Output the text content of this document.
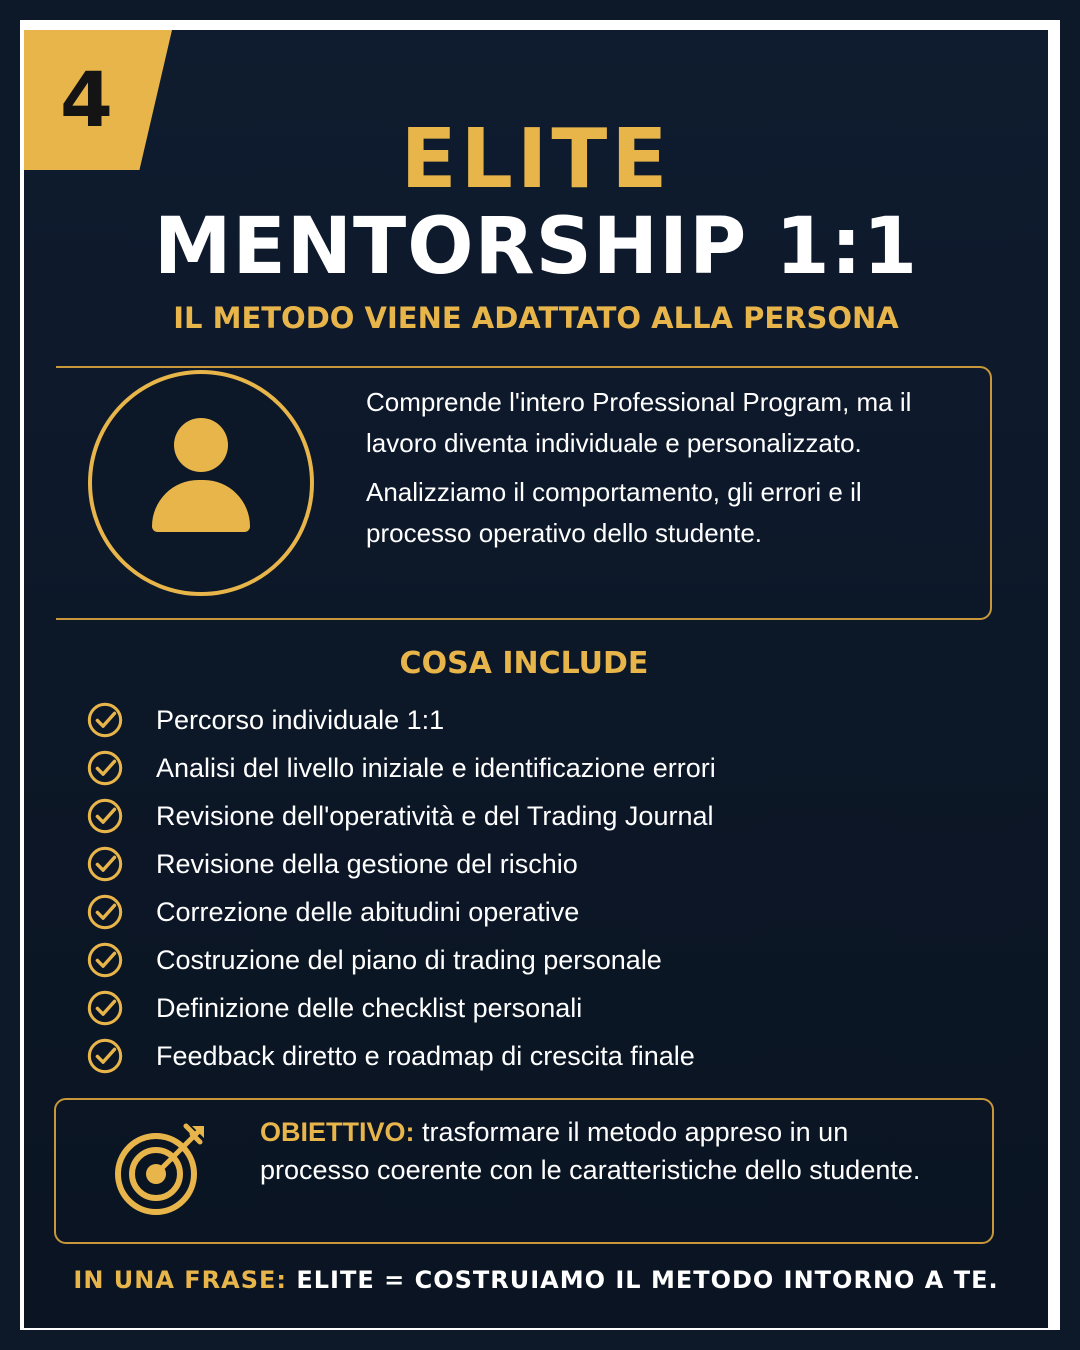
4
ELITE
MENTORSHIP 1:1
IL METODO VIENE ADATTATO ALLA PERSONA

Comprende l'intero Professional Program, ma il lavoro diventa individuale e personalizzato.

Analizziamo il comportamento, gli errori e il processo operativo dello studente.

COSA INCLUDE
Percorso individuale 1:1
Analisi del livello iniziale e identificazione errori
Revisione dell'operatività e del Trading Journal
Revisione della gestione del rischio
Correzione delle abitudini operative
Costruzione del piano di trading personale
Definizione delle checklist personali
Feedback diretto e roadmap di crescita finale
OBIETTIVO: trasformare il metodo appreso in un processo coerente con le caratteristiche dello studente.
IN UNA FRASE: ELITE = COSTRUIAMO IL METODO INTORNO A TE.
